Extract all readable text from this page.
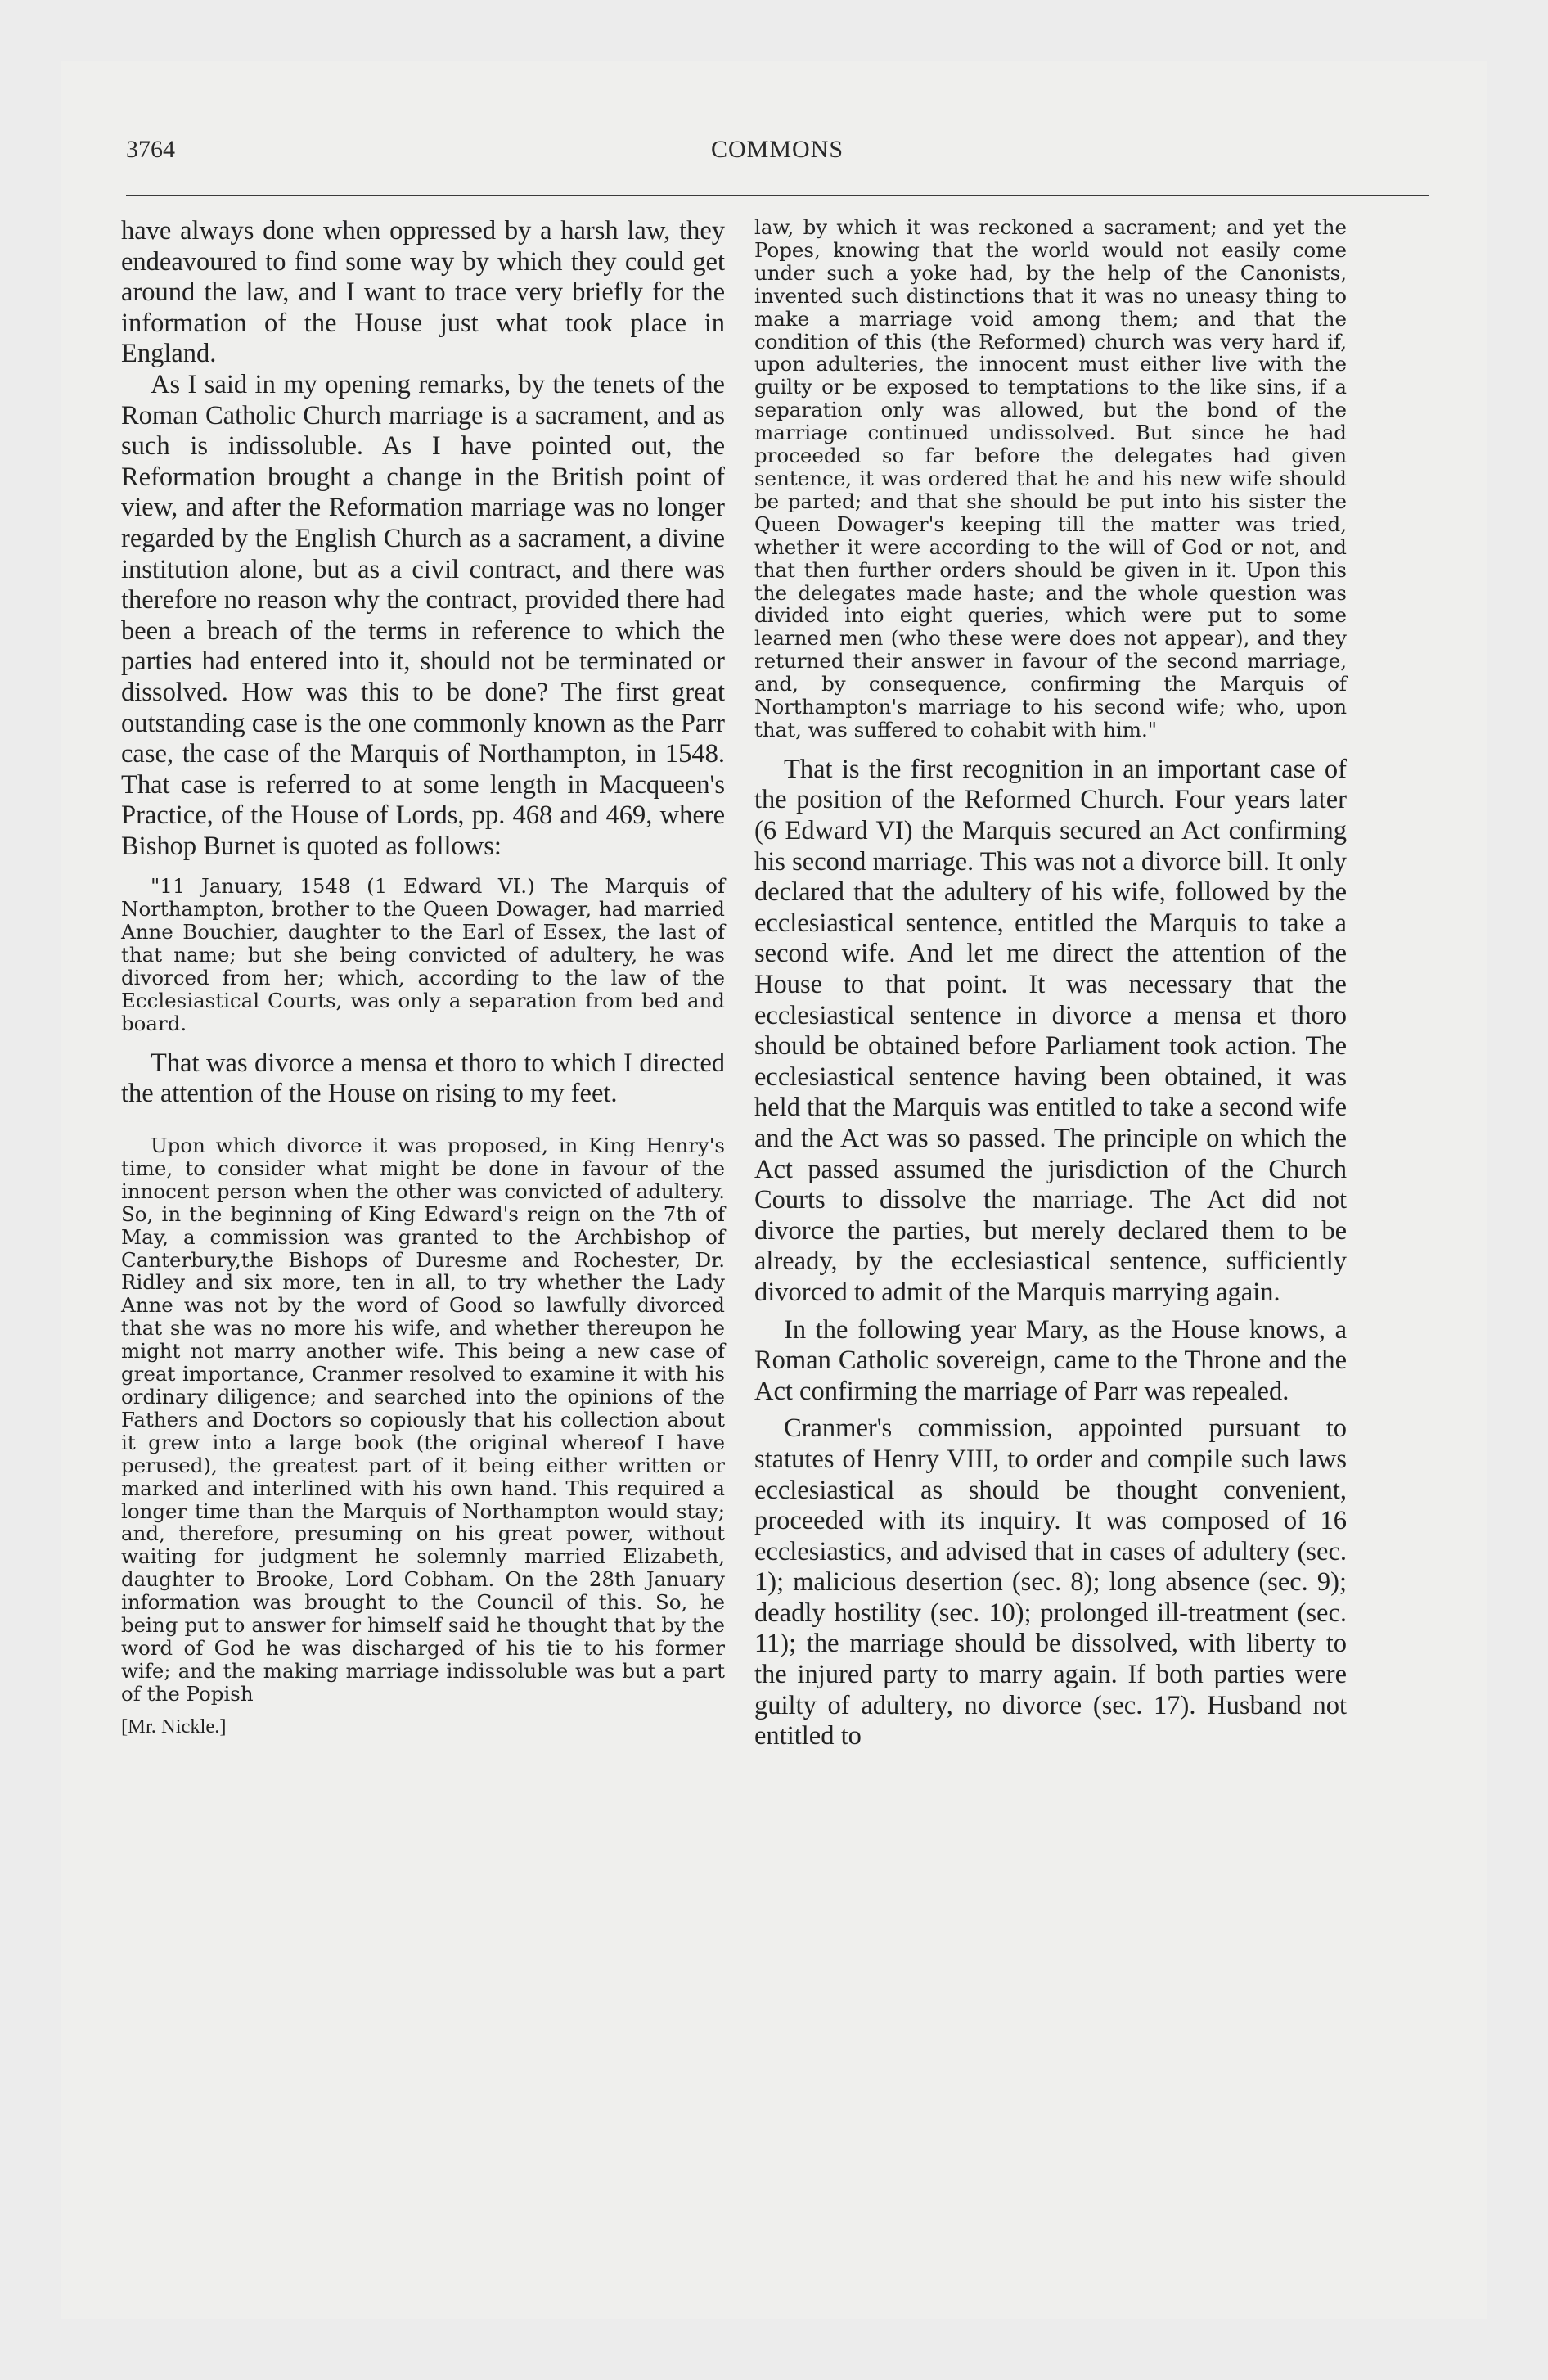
3764	COMMONS

have always done when oppressed by a harsh law, they endeavoured to find some way by which they could get around the law, and I want to trace very briefly for the information of the House just what took place in England.

As I said in my opening remarks, by the tenets of the Roman Catholic Church marriage is a sacrament, and as such is indissoluble. As I have pointed out, the Reformation brought a change in the British point of view, and after the Reformation marriage was no longer regarded by the English Church as a sacrament, a divine institution alone, but as a civil contract, and there was therefore no reason why the contract, provided there had been a breach of the terms in reference to which the parties had entered into it, should not be terminated or dissolved. How was this to be done? The first great outstanding case is the one commonly known as the Parr case, the case of the Marquis of Northampton, in 1548. That case is referred to at some length in Macqueen's Practice, of the House of Lords, pp. 468 and 469, where Bishop Burnet is quoted as follows:

"11 January, 1548 (1 Edward VI.) The Marquis of Northampton, brother to the Queen Dowager, had married Anne Bouchier, daughter to the Earl of Essex, the last of that name; but she being convicted of adultery, he was divorced from her; which, according to the law of the Ecclesiastical Courts, was only a separation from bed and board.

That was divorce a mensa et thoro to which I directed the attention of the House on rising to my feet.

Upon which divorce it was proposed, in King Henry's time, to consider what might be done in favour of the innocent person when the other was convicted of adultery. So, in the beginning of King Edward's reign on the 7th of May, a commission was granted to the Archbishop of Canterbury,the Bishops of Duresme and Rochester, Dr. Ridley and six more, ten in all, to try whether the Lady Anne was not by the word of Good so lawfully divorced that she was no more his wife, and whether thereupon he might not marry another wife. This being a new case of great importance, Cranmer resolved to examine it with his ordinary diligence; and searched into the opinions of the Fathers and Doctors so copiously that his collection about it grew into a large book (the original whereof I have perused), the greatest part of it being either written or marked and interlined with his own hand. This required a longer time than the Marquis of Northampton would stay; and, therefore, presuming on his great power, without waiting for judgment he solemnly married Elizabeth, daughter to Brooke, Lord Cobham. On the 28th January information was brought to the Council of this. So, he being put to answer for himself said he thought that by the word of God he was discharged of his tie to his former wife; and the making marriage indissoluble was but a part of the Popish

[Mr. Nickle.]

law, by which it was reckoned a sacrament; and yet the Popes, knowing that the world would not easily come under such a yoke had, by the help of the Canonists, invented such distinctions that it was no uneasy thing to make a marriage void among them; and that the condition of this (the Reformed) church was very hard if, upon adulteries, the innocent must either live with the guilty or be exposed to temptations to the like sins, if a separation only was allowed, but the bond of the marriage continued undissolved. But since he had proceeded so far before the delegates had given sentence, it was ordered that he and his new wife should be parted; and that she should be put into his sister the Queen Dowager's keeping till the matter was tried, whether it were according to the will of God or not, and that then further orders should be given in it. Upon this the delegates made haste; and the whole question was divided into eight queries, which were put to some learned men (who these were does not appear), and they returned their answer in favour of the second marriage, and, by consequence, confirming the Marquis of Northampton's marriage to his second wife; who, upon that, was suffered to cohabit with him."

That is the first recognition in an important case of the position of the Reformed Church. Four years later (6 Edward VI) the Marquis secured an Act confirming his second marriage. This was not a divorce bill. It only declared that the adultery of his wife, followed by the ecclesiastical sentence, entitled the Marquis to take a second wife. And let me direct the attention of the House to that point. It was necessary that the ecclesiastical sentence in divorce a mensa et thoro should be obtained before Parliament took action. The ecclesiastical sentence having been obtained, it was held that the Marquis was entitled to take a second wife and the Act was so passed. The principle on which the Act passed assumed the jurisdiction of the Church Courts to dissolve the marriage. The Act did not divorce the parties, but merely declared them to be already, by the ecclesiastical sentence, sufficiently divorced to admit of the Marquis marrying again.

In the following year Mary, as the House knows, a Roman Catholic sovereign, came to the Throne and the Act confirming the marriage of Parr was repealed.

Cranmer's commission, appointed pursuant to statutes of Henry VIII, to order and compile such laws ecclesiastical as should be thought convenient, proceeded with its inquiry. It was composed of 16 ecclesiastics, and advised that in cases of adultery (sec. 1); malicious desertion (sec. 8); long absence (sec. 9); deadly hostility (sec. 10); prolonged ill-treatment (sec. 11); the marriage should be dissolved, with liberty to the injured party to marry again. If both parties were guilty of adultery, no divorce (sec. 17). Husband not entitled to
